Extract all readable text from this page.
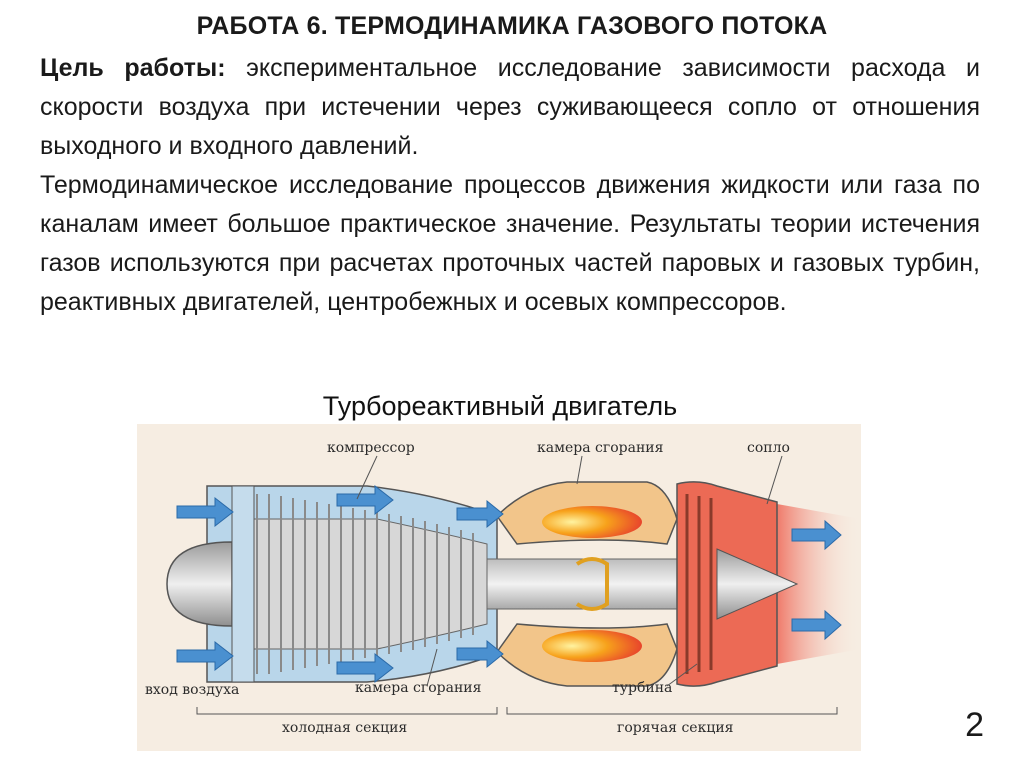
РАБОТА 6. ТЕРМОДИНАМИКА ГАЗОВОГО ПОТОКА
Цель работы: экспериментальное исследование зависимости расхода и скорости воздуха при истечении через суживающееся сопло от отношения выходного и входного давлений.
Термодинамическое исследование процессов движения жидкости или газа по каналам имеет большое практическое значение. Результаты теории истечения газов используются при расчетах проточных частей паровых и газовых турбин, реактивных двигателей, центробежных и осевых компрессоров.
Турбореактивный двигатель
компрессор	камера сгорания	сопло
вход воздуха	камера сгорания	турбина
холодная секция	горячая секция	2
